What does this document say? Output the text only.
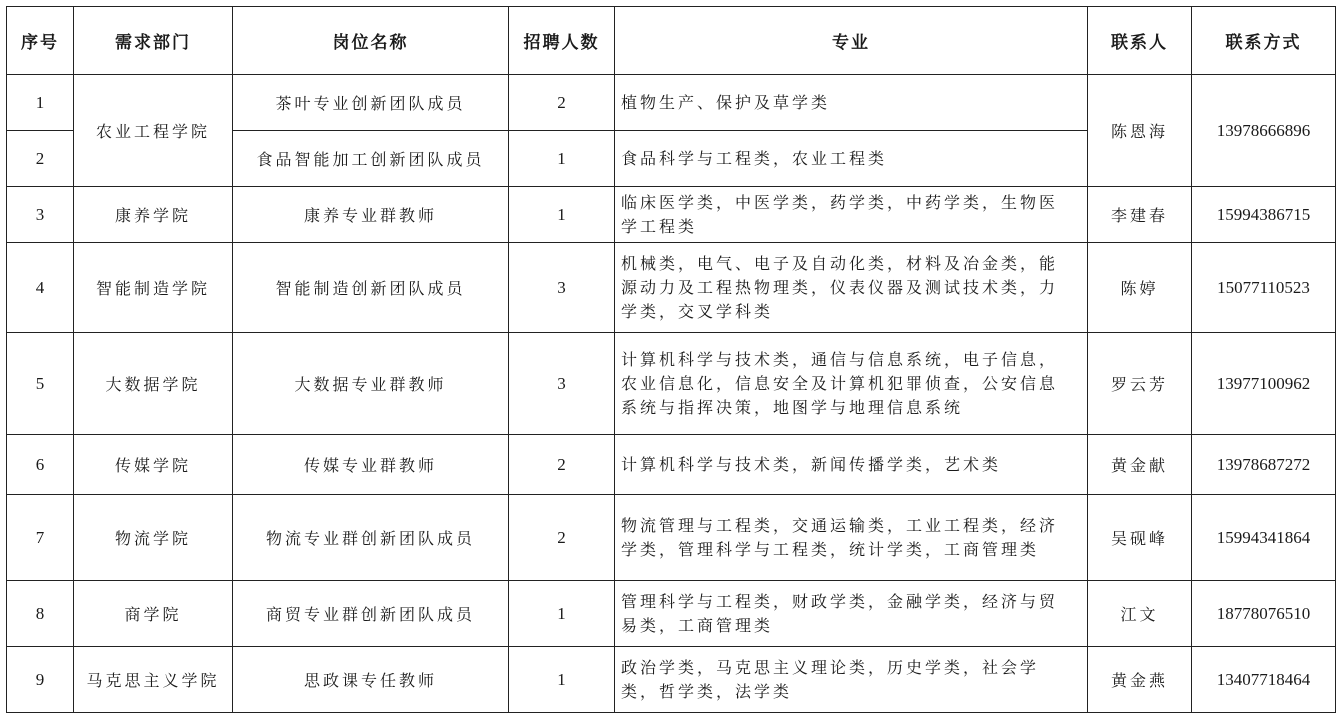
序号	需求部门	岗位名称	招聘人数	专业	联系人	联系方式
1	农业工程学院	茶叶专业创新团队成员	2	植物生产、保护及草学类	陈恩海	13978666896
2		食品智能加工创新团队成员	1	食品科学与工程类，农业工程类		
3	康养学院	康养专业群教师	1	临床医学类，中医学类，药学类，中药学类，生物医学工程类	李建春	15994386715
4	智能制造学院	智能制造创新团队成员	3	机械类，电气、电子及自动化类，材料及冶金类，能源动力及工程热物理类，仪表仪器及测试技术类，力学类，交叉学科类	陈婷	15077110523
5	大数据学院	大数据专业群教师	3	计算机科学与技术类，通信与信息系统，电子信息，农业信息化，信息安全及计算机犯罪侦查，公安信息系统与指挥决策，地图学与地理信息系统	罗云芳	13977100962
6	传媒学院	传媒专业群教师	2	计算机科学与技术类，新闻传播学类，艺术类	黄金献	13978687272
7	物流学院	物流专业群创新团队成员	2	物流管理与工程类，交通运输类，工业工程类，经济学类，管理科学与工程类，统计学类，工商管理类	吴砚峰	15994341864
8	商学院	商贸专业群创新团队成员	1	管理科学与工程类，财政学类，金融学类，经济与贸易类，工商管理类	江文	18778076510
9	马克思主义学院	思政课专任教师	1	政治学类，马克思主义理论类，历史学类，社会学类，哲学类，法学类	黄金燕	13407718464
